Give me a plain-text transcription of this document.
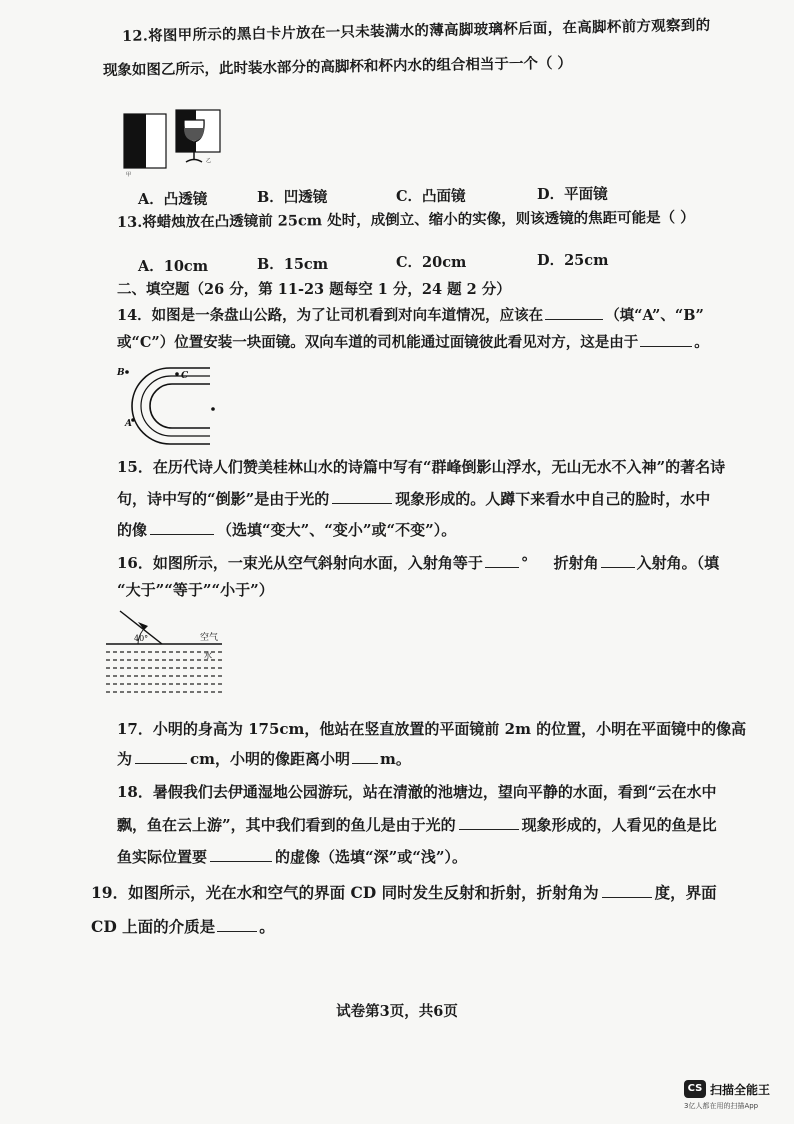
12.将图甲所示的黑白卡片放在一只未装满水的薄高脚玻璃杯后面，在高脚杯前方观察到的
现象如图乙所示，此时装水部分的高脚杯和杯内水的组合相当于一个（ ）
甲
乙
A．凸透镜	B．凹透镜	C．凸面镜	D．平面镜
13.将蜡烛放在凸透镜前 25cm 处时，成倒立、缩小的实像，则该透镜的焦距可能是（ ）
A．10cm	B．15cm	C．20cm	D．25cm
二、填空题（26 分，第 11-23 题每空 1 分，24 题 2 分）
14．如图是一条盘山公路，为了让司机看到对向车道情况，应该在	（填“A”、“B”
或“C”）位置安装一块面镜。双向车道的司机能通过面镜彼此看见对方，这是由于	。
B	C
A
15．在历代诗人们赞美桂林山水的诗篇中写有“群峰倒影山浮水，无山无水不入神”的著名诗
句，诗中写的“倒影”是由于光的	现象形成的。人蹲下来看水中自己的脸时，水中
的像	（选填“变大”、“变小”或“不变”）。
16．如图所示，一束光从空气斜射向水面，入射角等于	° 折射角	入射角。（填
“大于”“等于”“小于”）
40°	空气
水
17．小明的身高为 175cm，他站在竖直放置的平面镜前 2m 的位置，小明在平面镜中的像高
为	cm，小明的像距离小明 m。
18．暑假我们去伊通湿地公园游玩，站在清澈的池塘边，望向平静的水面，看到“云在水中
飘，鱼在云上游”，其中我们看到的鱼儿是由于光的	现象形成的，人看见的鱼是比
鱼实际位置要	的虚像（选填“深”或“浅”）。
19．如图所示，光在水和空气的界面 CD 同时发生反射和折射，折射角为	度，界面
CD 上面的介质是	。
试卷第3页，共6页
CS 扫描全能王
3亿人都在用的扫描App
